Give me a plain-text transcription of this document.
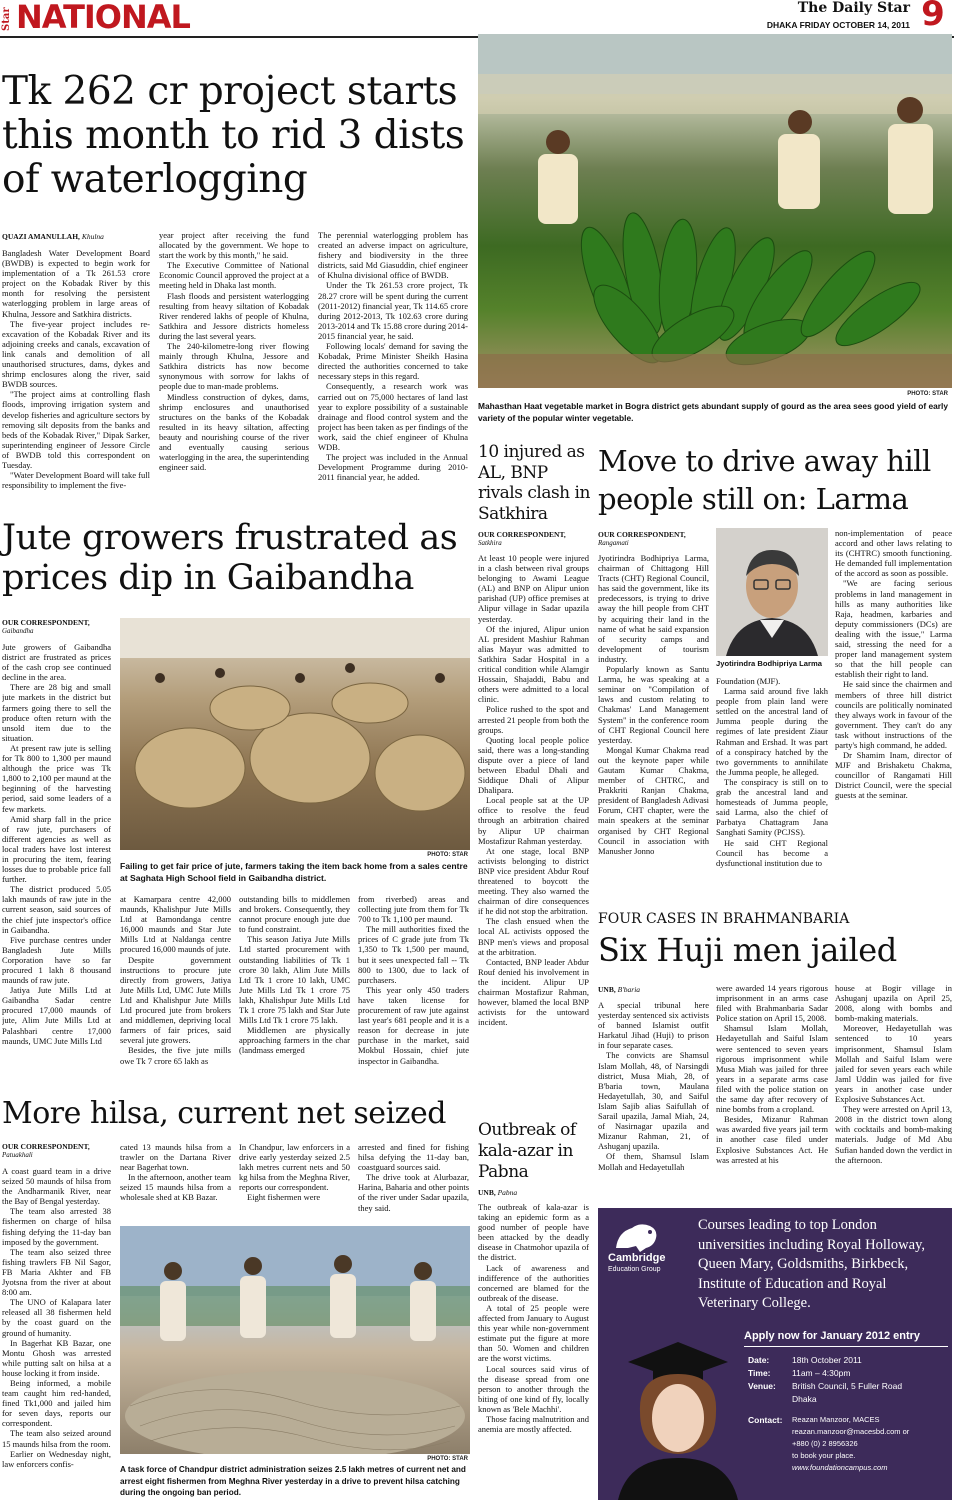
Star NATIONAL	The Daily Star
DHAKA FRIDAY OCTOBER 14, 2011 9
Tk 262 cr project starts this month to rid 3 dists of waterlogging
QUAZI AMANULLAH, Khulna

Bangladesh Water Development Board (BWDB) is expected to begin work for implementation of a Tk 261.53 crore project on the Kobadak River by this month for resolving the persistent waterlogging problem in large areas of Khulna, Jessore and Satkhira districts.

The five-year project includes re-excavation of the Kobadak River and its adjoining creeks and canals, excavation of link canals and demolition of all unauthorised structures, dams, dykes and shrimp enclosures along the river, said BWDB sources.

"The project aims at controlling flash floods, improving irrigation system and develop fisheries and agriculture sectors by removing silt deposits from the banks and beds of the Kobadak River," Dipak Sarker, superintending engineer of Jessore Circle of BWDB told this correspondent on Tuesday.

"Water Development Board will take full responsibility to implement the five-

year project after receiving the fund allocated by the government. We hope to start the work by this month," he said.

The Executive Committee of National Economic Council approved the project at a meeting held in Dhaka last month.

Flash floods and persistent waterlogging resulting from heavy siltation of Kobadak River rendered lakhs of people of Khulna, Satkhira and Jessore districts homeless during the last several years.

The 240-kilometre-long river flowing mainly through Khulna, Jessore and Satkhira districts has now become synonymous with sorrow for lakhs of people due to man-made problems.

Mindless construction of dykes, dams, shrimp enclosures and unauthorised structures on the banks of the Kobadak resulted in its heavy siltation, affecting beauty and nourishing course of the river and eventually causing serious waterlogging in the area, the superintending engineer said.

The perennial waterlogging problem has created an adverse impact on agriculture, fishery and biodiversity in the three districts, said Md Giasuddin, chief engineer of Khulna divisional office of BWDB.

Under the Tk 261.53 crore project, Tk 28.27 crore will be spent during the current (2011-2012) financial year, Tk 114.65 crore during 2012-2013, Tk 102.63 crore during 2013-2014 and Tk 15.88 crore during 2014-2015 financial year, he said.

Following locals' demand for saving the Kobadak, Prime Minister Sheikh Hasina directed the authorities concerned to take necessary steps in this regard.

Consequently, a research work was carried out on 75,000 hectares of land last year to explore possibility of a sustainable drainage and flood control system and the project has been taken as per findings of the work, said the chief engineer of Khulna WDB.

The project was included in the Annual Development Programme during 2010-2011 financial year, he added.

PHOTO: STAR
Mahasthan Haat vegetable market in Bogra district gets abundant supply of gourd as the area sees good yield of early variety of the popular winter vegetable.
Jute growers frustrated as prices dip in Gaibandha
OUR CORRESPONDENT,
Gaibandha

Jute growers of Gaibandha district are frustrated as prices of the cash crop see continued decline in the area.

There are 28 big and small jute markets in the district but farmers going there to sell the produce often return with the unsold item due to the situation.

At present raw jute is selling for Tk 800 to 1,300 per maund although the price was Tk 1,800 to 2,100 per maund at the beginning of the harvesting period, said some leaders of a few markets.

Amid sharp fall in the price of raw jute, purchasers of different agencies as well as local traders have lost interest in procuring the item, fearing losses due to probable price fall further.

The district produced 5.05 lakh maunds of raw jute in the current season, said sources of the chief jute inspector's office in Gaibandha.

Five purchase centres under Bangladesh Jute Mills Corporation have so far procured 1 lakh 8 thousand maunds of raw jute.

Jatiya Jute Mills Ltd at Gaibandha Sadar centre procured 17,000 maunds of jute, Alim Jute Mills Ltd at Palashbari centre 17,000 maunds, UMC Jute Mills Ltd

PHOTO: STAR
Failing to get fair price of jute, farmers taking the item back home from a sales centre at Saghata High School field in Gaibandha district.

at Kamarpara centre 42,000 maunds, Khalishpur Jute Mills Ltd at Bamondanga centre 16,000 maunds and Star Jute Mills Ltd at Naldanga centre procured 16,000 maunds of jute.

Despite government instructions to procure jute directly from growers, Jatiya Jute Mills Ltd, UMC Jute Mills Ltd and Khalishpur Jute Mills Ltd procured jute from brokers and middlemen, depriving local farmers of fair prices, said several jute growers.

Besides, the five jute mills owe Tk 7 crore 65 lakh as

outstanding bills to middlemen and brokers. Consequently, they cannot procure enough jute due to fund constraint.

This season Jatiya Jute Mills Ltd started procurement with outstanding liabilities of Tk 1 crore 30 lakh, Alim Jute Mills Ltd Tk 1 crore 10 lakh, UMC Jute Mills Ltd Tk 1 crore 75 lakh, Khalishpur Jute Mills Ltd Tk 1 crore 75 lakh and Star Jute Mills Ltd Tk 1 crore 75 lakh.

Middlemen are physically approaching farmers in the char (landmass emerged

from riverbed) areas and collecting jute from them for Tk 700 to Tk 1,100 per maund.

The mill authorities fixed the prices of C grade jute from Tk 1,350 to Tk 1,500 per maund, but it sees unexpected fall -- Tk 800 to 1300, due to lack of purchasers.

This year only 450 traders have taken license for procurement of raw jute against last year's 681 people and it is a reason for decrease in jute purchase in the market, said Mokbul Hossain, chief jute inspector in Gaibandha.

10 injured as AL, BNP rivals clash in Satkhira
OUR CORRESPONDENT,
Satkhira

At least 10 people were injured in a clash between rival groups belonging to Awami League (AL) and BNP on Alipur union parishad (UP) office premises at Alipur village in Sadar upazila yesterday.

Of the injured, Alipur union AL president Mashiur Rahman alias Mayur was admitted to Satkhira Sadar Hospital in a critical condition while Alamgir Hossain, Shajaddi, Babu and others were admitted to a local clinic.

Police rushed to the spot and arrested 21 people from both the groups.

Quoting local people police said, there was a long-standing dispute over a piece of land between Ebadul Dhali and Siddique Dhali of Alipur Dhalipara.

Local people sat at the UP office to resolve the feud through an arbitration chaired by Alipur UP chairman Mostafizur Rahman yesterday.

At one stage, local BNP activists belonging to district BNP vice president Abdur Rouf threatened to boycott the meeting. They also warned the chairman of dire consequences if he did not stop the arbitration.

The clash ensued when the local AL activists opposed the BNP men's views and proposal at the arbitration.

Contacted, BNP leader Abdur Rouf denied his involvement in the incident. Alipur UP chairman Mostafizur Rahman, however, blamed the local BNP activists for the untoward incident.

Move to drive away hill people still on: Larma
OUR CORRESPONDENT,
Rangamati

Jyotirindra Bodhipriya Larma, chairman of Chittagong Hill Tracts (CHT) Regional Council, has said the government, like its predecessors, is trying to drive away the hill people from CHT by acquiring their land in the name of what he said expansion of security camps and development of tourism industry.

Popularly known as Santu Larma, he was speaking at a seminar on "Compilation of laws and custom relating to Chakmas' Land Management System" in the conference room of CHT Regional Council here yesterday.

Mongal Kumar Chakma read out the keynote paper while Gautam Kumar Chakma, member of CHTRC, and Prakkriti Ranjan Chakma, president of Bangladesh Adivasi Forum, CHT chapter, were the main speakers at the seminar organised by CHT Regional Council in association with Manusher Jonno

Jyotirindra Bodhipriya Larma

Foundation (MJF).

Larma said around five lakh people from plain land were settled on the ancestral land of Jumma people during the regimes of late president Ziaur Rahman and Ershad. It was part of a conspiracy hatched by the two governments to annihilate the Jumma people, he alleged.

The conspiracy is still on to grab the ancestral land and homesteads of Jumma people, said Larma, also the chief of Parbatya Chattagram Jana Sanghati Samity (PCJSS).

He said CHT Regional Council has become a dysfunctional institution due to

non-implementation of peace accord and other laws relating to its (CHTRC) smooth functioning. He demanded full implementation of the accord as soon as possible.

"We are facing serious problems in land management in hills as many authorities like Raja, headmen, karbaries and deputy commissioners (DCs) are dealing with the issue," Larma said, stressing the need for a proper land management system so that the hill people can establish their right to land.

He said since the chairmen and members of three hill district councils are politically nominated they always work in favour of the government. They can't do any task without instructions of the party's high command, he added.

Dr Shamim Inam, director of MJF and Brishaketu Chakma, councillor of Rangamati Hill District Council, were the special guests at the seminar.

FOUR CASES IN BRAHMANBARIA
Six Huji men jailed
UNB, B'baria

A special tribunal here yesterday sentenced six activists of banned Islamist outfit Harkatul Jihad (Huji) to prison in four separate cases.

The convicts are Shamsul Islam Mollah, 48, of Narsingdi district, Musa Miah, 28, of B'baria town, Maulana Hedayetullah, 30, and Saiful Islam Sajib alias Saifullah of Sarail upazila, Jamal Miah, 24, of Nasirnagar upazila and Mizanur Rahman, 21, of Ashuganj upazila.

Of them, Shamsul Islam Mollah and Hedayetullah

were awarded 14 years rigorous imprisonment in an arms case filed with Brahmanbaria Sadar Police station on April 15, 2008.

Shamsul Islam Mollah, Hedayetullah and Saiful Islam were sentenced to seven years rigorous imprisonment while Musa Miah was jailed for three years in a separate arms case filed with the police station on the same day after recovery of nine bombs from a cropland.

Besides, Mizanur Rahman was awarded five years jail term in another case filed under Explosive Substances Act. He was arrested at his

house at Bogir village in Ashuganj upazila on April 25, 2008, along with bombs and bomb-making materials.

Moreover, Hedayetullah was sentenced to 10 years imprisonment, Shamsul Islam Mollah and Saiful Islam were jailed for seven years each while Jaml Uddin was jailed for five years in another case under Explosive Substances Act.

They were arrested on April 13, 2008 in the district town along with cocktails and bomb-making materials. Judge of Md Abu Sufian handed down the verdict in the afternoon.

More hilsa, current net seized
OUR CORRESPONDENT,
Patuakhali

A coast guard team in a drive seized 50 maunds of hilsa from the Andharmanik River, near the Bay of Bengal yesterday.

The team also arrested 38 fishermen on charge of hilsa fishing defying the 11-day ban imposed by the government.

The team also seized three fishing trawlers FB Nil Sagor, FB Maria Akhter and FB Jyotsna from the river at about 8:00 am.

The UNO of Kalapara later released all 38 fishermen held by the coast guard on the ground of humanity.

In Bagerhat KB Bazar, one Montu Ghosh was arrested while putting salt on hilsa at a house locking it from inside.

Being informed, a mobile team caught him red-handed, fined Tk1,000 and jailed him for seven days, reports our correspondent.

The team also seized around 15 maunds hilsa from the room.

Earlier on Wednesday night, law enforcers confis-

cated 13 maunds hilsa from a trawler on the Dartana River near Bagerhat town.

In the afternoon, another team seized 15 maunds hilsa from a wholesale shed at KB Bazar.

In Chandpur, law enforcers in a drive early yesterday seized 2.5 lakh metres current nets and 50 kg hilsa from the Meghna River, reports our correspondent.

Eight fishermen were

arrested and fined for fishing hilsa defying the 11-day ban, coastguard sources said.

The drive took at Alurbazar, Harina, Baharia and other points of the river under Sadar upazila, they said.

PHOTO: STAR
A task force of Chandpur district administration seizes 2.5 lakh metres of current net and arrest eight fishermen from Meghna River yesterday in a drive to prevent hilsa catching during the ongoing ban period.
Outbreak of kala-azar in Pabna
UNB, Pabna

The outbreak of kala-azar is taking an epidemic form as a good number of people have been attacked by the deadly disease in Chatmohor upazila of the district.

Lack of awareness and indifference of the authorities concerned are blamed for the outbreak of the disease.

A total of 25 people were affected from January to August this year while non-government estimate put the figure at more than 50. Women and children are the worst victims.

Local sources said virus of the disease spread from one person to another through the biting of one kind of fly, locally known as 'Bele Machhi'.

Those facing malnutrition and anemia are mostly affected.

Cambridge
Education Group
Courses leading to top London universities including Royal Holloway, Queen Mary, Goldsmiths, Birkbeck, Institute of Education and Royal Veterinary College.
Apply now for January 2012 entry
Date:	18th October 2011
Time:	11am – 4:30pm
Venue:	British Council, 5 Fuller Road Dhaka
Contact:	Reazan Manzoor, MACES
reazan.manzoor@macesbd.com or
+880 (0) 2 8956326
to book your place.
www.foundationcampus.com
